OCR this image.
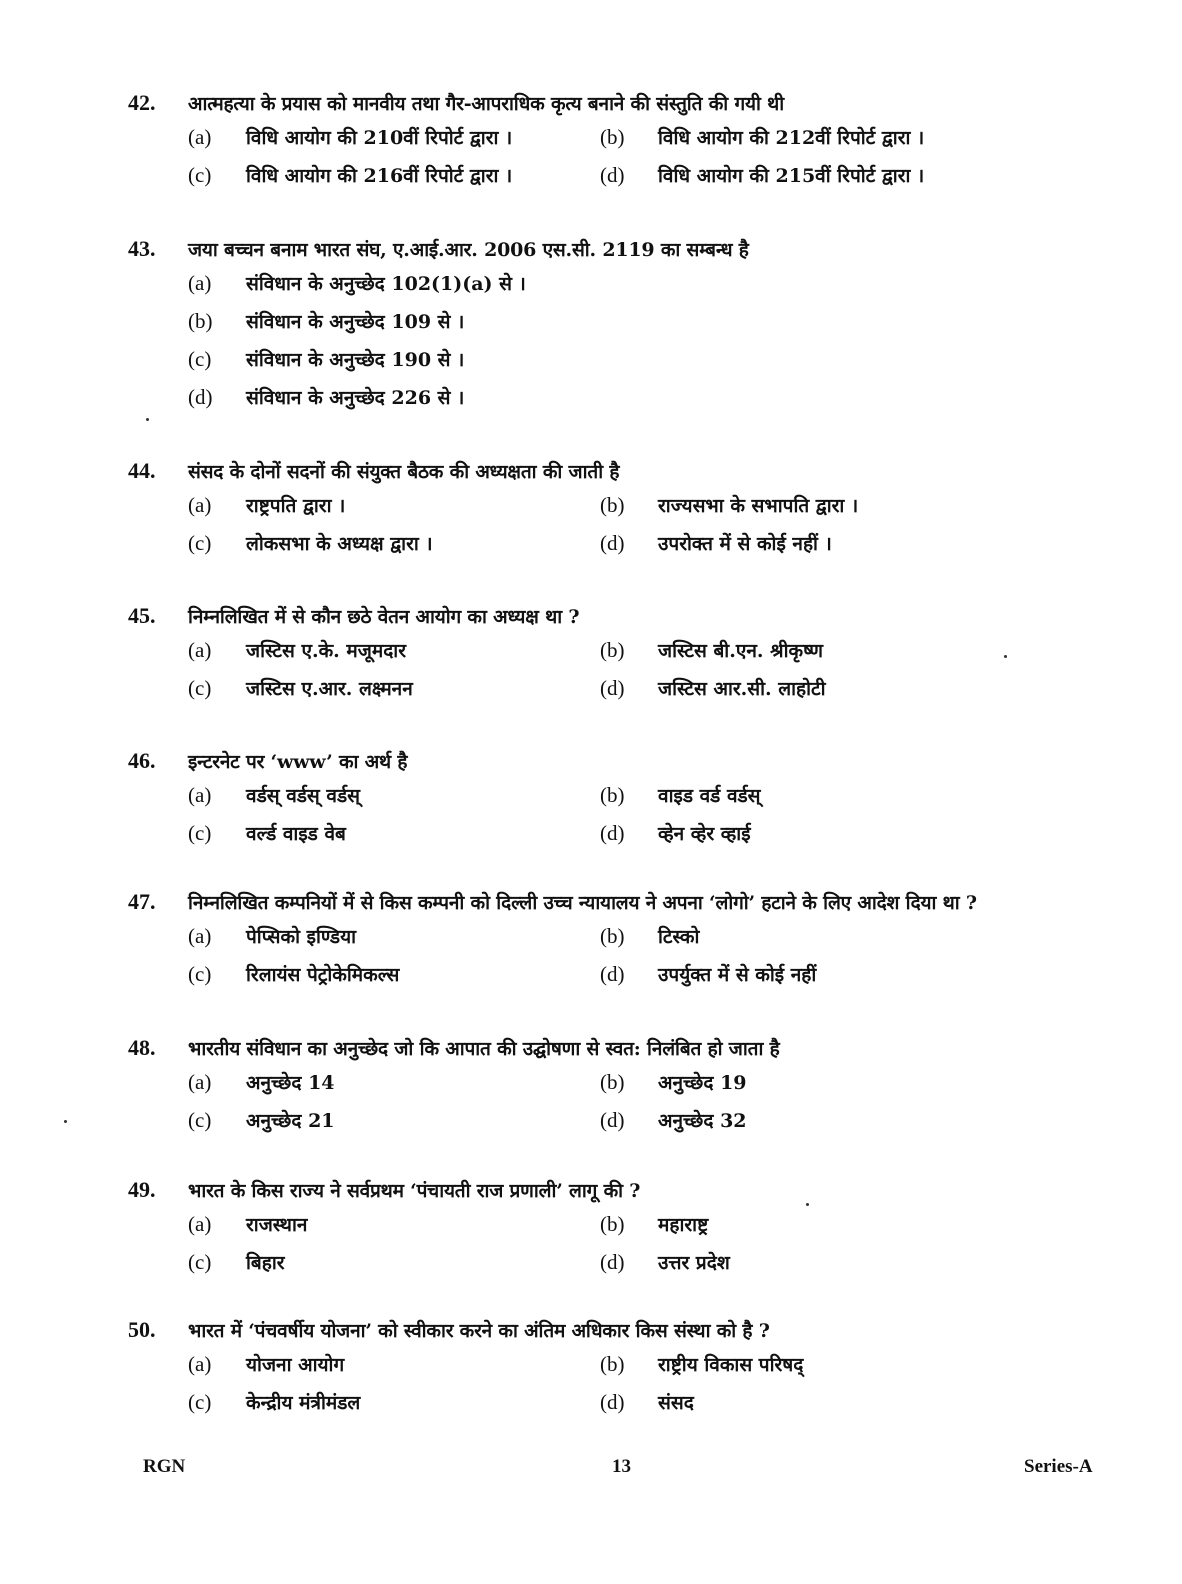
42.	आत्महत्या के प्रयास को मानवीय तथा गैर-आपराधिक कृत्य बनाने की संस्तुति की गयी थी
(a)	विधि आयोग की 210वीं रिपोर्ट द्वारा ।	(b)	विधि आयोग की 212वीं रिपोर्ट द्वारा ।
(c)	विधि आयोग की 216वीं रिपोर्ट द्वारा ।	(d)	विधि आयोग की 215वीं रिपोर्ट द्वारा ।
43.	जया बच्चन बनाम भारत संघ, ए.आई.आर. 2006 एस.सी. 2119 का सम्बन्ध है
(a)	संविधान के अनुच्छेद 102(1)(a) से ।
(b)	संविधान के अनुच्छेद 109 से ।
(c)	संविधान के अनुच्छेद 190 से ।
(d)	संविधान के अनुच्छेद 226 से ।
44.	संसद के दोनों सदनों की संयुक्त बैठक की अध्यक्षता की जाती है
(a)	राष्ट्रपति द्वारा ।	(b)	राज्यसभा के सभापति द्वारा ।
(c)	लोकसभा के अध्यक्ष द्वारा ।	(d)	उपरोक्त में से कोई नहीं ।
45.	निम्नलिखित में से कौन छठे वेतन आयोग का अध्यक्ष था ?
(a)	जस्टिस ए.के. मजूमदार	(b)	जस्टिस बी.एन. श्रीकृष्ण
(c)	जस्टिस ए.आर. लक्ष्मनन	(d)	जस्टिस आर.सी. लाहोटी
46.	इन्टरनेट पर ‘www’ का अर्थ है
(a)	वर्डस् वर्डस् वर्डस्	(b)	वाइड वर्ड वर्डस्
(c)	वर्ल्ड वाइड वेब	(d)	व्हेन व्हेर व्हाई
47.	निम्नलिखित कम्पनियों में से किस कम्पनी को दिल्ली उच्च न्यायालय ने अपना ‘लोगो’ हटाने के लिए आदेश दिया था ?
(a)	पेप्सिको इण्डिया	(b)	टिस्को
(c)	रिलायंस पेट्रोकेमिकल्स	(d)	उपर्युक्त में से कोई नहीं
48.	भारतीय संविधान का अनुच्छेद जो कि आपात की उद्घोषणा से स्वत: निलंबित हो जाता है
(a)	अनुच्छेद 14	(b)	अनुच्छेद 19
(c)	अनुच्छेद 21	(d)	अनुच्छेद 32
49.	भारत के किस राज्य ने सर्वप्रथम ‘पंचायती राज प्रणाली’ लागू की ?
(a)	राजस्थान	(b)	महाराष्ट्र
(c)	बिहार	(d)	उत्तर प्रदेश
50.	भारत में ‘पंचवर्षीय योजना’ को स्वीकार करने का अंतिम अधिकार किस संस्था को है ?
(a)	योजना आयोग	(b)	राष्ट्रीय विकास परिषद्
(c)	केन्द्रीय मंत्रीमंडल	(d)	संसद
RGN	13	Series-A
